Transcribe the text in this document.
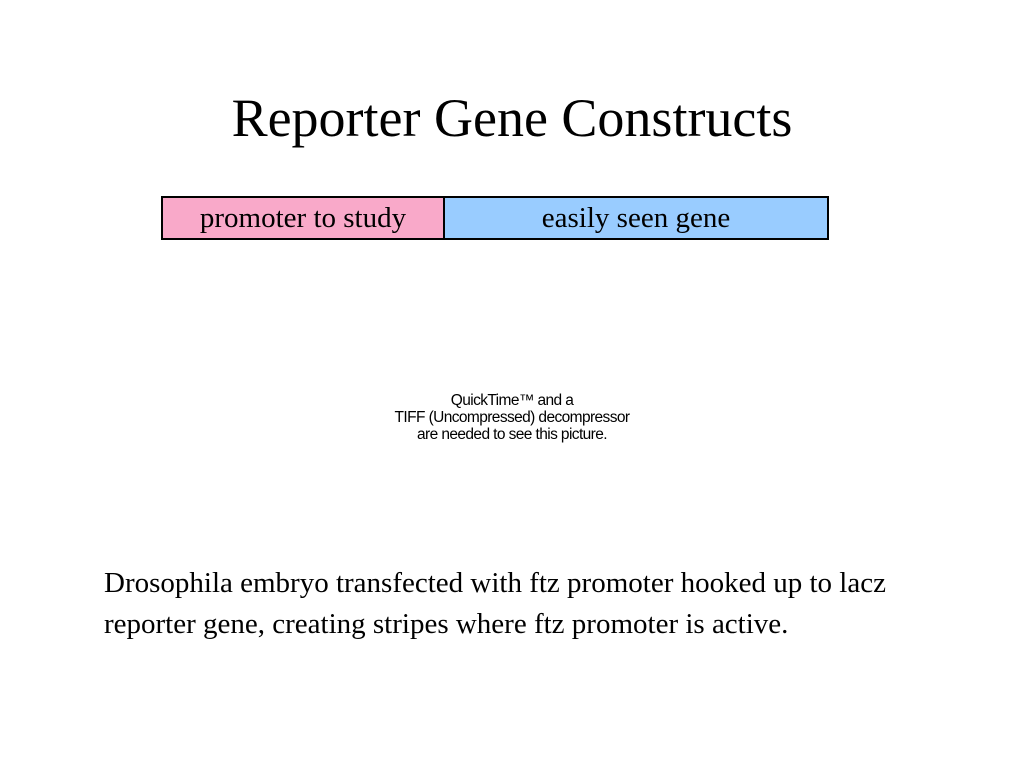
Reporter Gene Constructs
promoter to study	easily seen gene
QuickTime™ and a
TIFF (Uncompressed) decompressor
are needed to see this picture.

Drosophila embryo transfected with ftz promoter hooked up to lacz reporter gene, creating stripes where ftz promoter is active.
